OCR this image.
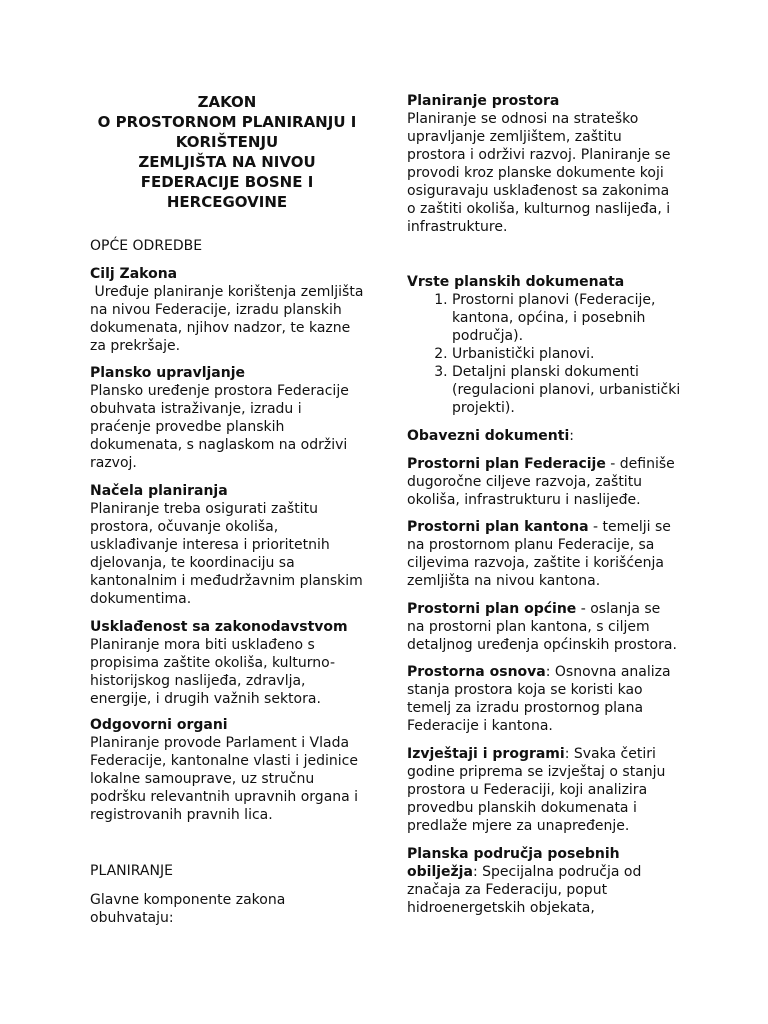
ZAKON
O PROSTORNOM PLANIRANJU I
KORIŠTENJU
ZEMLJIŠTA NA NIVOU
FEDERACIJE BOSNE I
HERCEGOVINE
OPĆE ODREDBE
Cilj Zakona
Uređuje planiranje korištenja zemljišta na nivou Federacije, izradu planskih dokumenata, njihov nadzor, te kazne za prekršaje.
Plansko upravljanje
Plansko uređenje prostora Federacije obuhvata istraživanje, izradu i praćenje provedbe planskih dokumenata, s naglaskom na održivi razvoj.
Načela planiranja
Planiranje treba osigurati zaštitu prostora, očuvanje okoliša, usklađivanje interesa i prioritetnih djelovanja, te koordinaciju sa kantonalnim i međudržavnim planskim dokumentima.
Usklađenost sa zakonodavstvom
Planiranje mora biti usklađeno s propisima zaštite okoliša, kulturno-historijskog naslijeđa, zdravlja, energije, i drugih važnih sektora.
Odgovorni organi
Planiranje provode Parlament i Vlada Federacije, kantonalne vlasti i jedinice lokalne samouprave, uz stručnu podršku relevantnih upravnih organa i registrovanih pravnih lica.
PLANIRANJE
Glavne komponente zakona obuhvataju:
Planiranje prostora
Planiranje se odnosi na strateško upravljanje zemljištem, zaštitu prostora i održivi razvoj. Planiranje se provodi kroz planske dokumente koji osiguravaju usklađenost sa zakonima o zaštiti okoliša, kulturnog naslijeđa, i infrastrukture.
Vrste planskih dokumenata
1. Prostorni planovi (Federacije, kantona, općina, i posebnih područja).
2. Urbanistički planovi.
3. Detaljni planski dokumenti (regulacioni planovi, urbanistički projekti).
Obavezni dokumenti:
Prostorni plan Federacije - definiše dugoročne ciljeve razvoja, zaštitu okoliša, infrastrukturu i naslijeđe.
Prostorni plan kantona - temelji se na prostornom planu Federacije, sa ciljevima razvoja, zaštite i korišćenja zemljišta na nivou kantona.
Prostorni plan općine - oslanja se na prostorni plan kantona, s ciljem detaljnog uređenja općinskih prostora.
Prostorna osnova: Osnovna analiza stanja prostora koja se koristi kao temelj za izradu prostornog plana Federacije i kantona.
Izvještaji i programi: Svaka četiri godine priprema se izvještaj o stanju prostora u Federaciji, koji analizira provedbu planskih dokumenata i predlaže mjere za unapređenje.
Planska područja posebnih obilježja: Specijalna područja od značaja za Federaciju, poput hidroenergetskih objekata,
